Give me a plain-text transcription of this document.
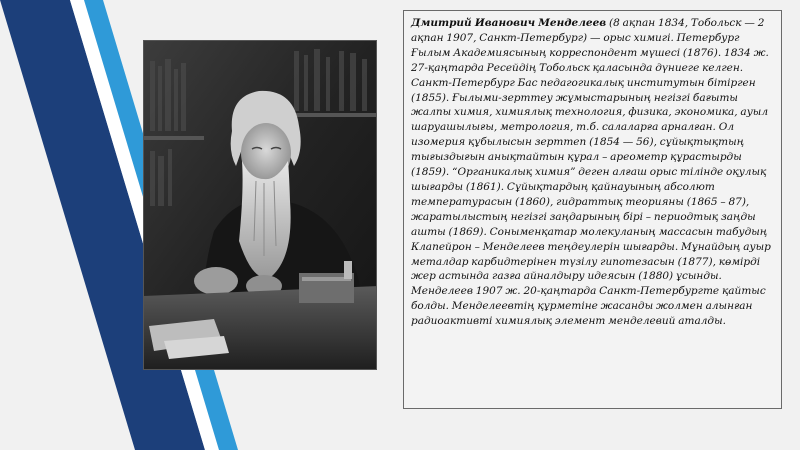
Дмитрий Иванович Менделеев (8 ақпан 1834, Тобольск — 2 ақпан 1907, Санкт-Петербург) — орыс химигі. Петербург Ғылым Академиясының корреспондент мүшесі (1876). 1834 ж. 27-қаңтарда Ресейдің Тобольск қаласында дүниеге келген.
Санкт-Петербург Бас педагогикалық институтын бітірген (1855). Ғылыми-зерттеу жұмыстарының негізгі бағыты жалпы химия, химиялық технология, физика, экономика, ауыл шаруашылығы, метрология, т.б. салаларға арналған. Ол изомерия құбылысын зерттеп (1854 — 56), сұйықтықтың тығыздығын анықтайтын құрал – ареометр құрастырды (1859). “Органикалық химия” деген алғаш орыс тілінде оқулық шығарды (1861). Сұйықтардың қайнауының абсолют температурасын (1860), гидраттық теорияны (1865 – 87), жаратылыстың негізгі заңдарының бірі – периодтық заңды ашты (1869). Соныменқатар молекуланың массасын табудың Клапейрон – Менделеев теңдеулерін шығарды. Мұнайдың ауыр металдар карбидтерінен түзілу гипотезасын (1877), көмірді жер астында газға айналдыру идеясын (1880) ұсынды. Менделеев 1907 ж. 20-қаңтарда Санкт-Петербургте қайтыс болды. Менделеевтің құрметіне жасанды жолмен алынған радиоактивті химиялық элемент менделевий аталды.
